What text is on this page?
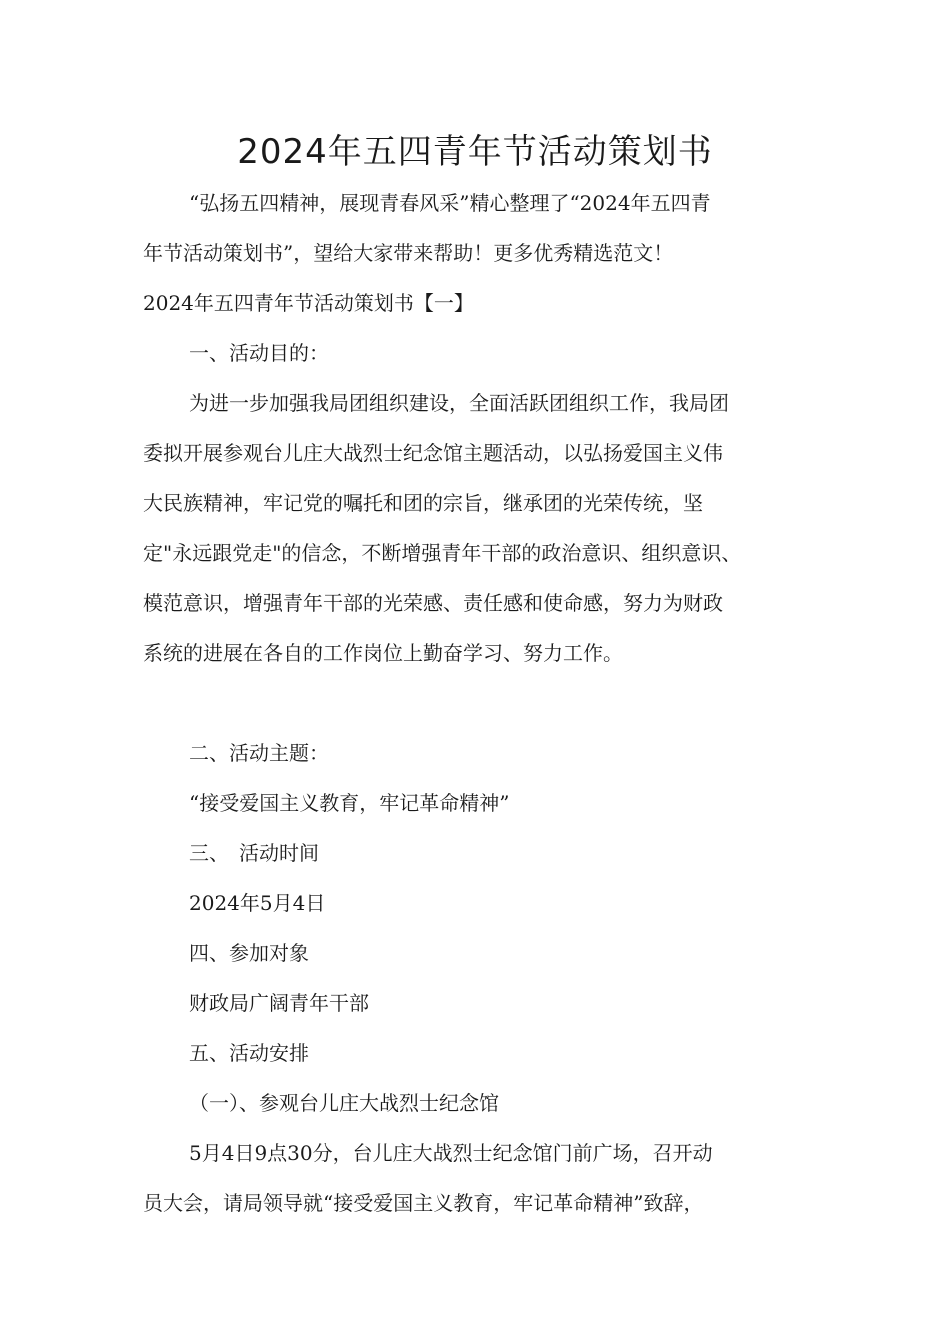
2024年五四青年节活动策划书

“弘扬五四精神，展现青春风采”精心整理了“2024年五四青

年节活动策划书”，望给大家带来帮助！更多优秀精选范文！

2024年五四青年节活动策划书【一】

一、活动目的：

为进一步加强我局团组织建设，全面活跃团组织工作，我局团

委拟开展参观台儿庄大战烈士纪念馆主题活动，以弘扬爱国主义伟

大民族精神，牢记党的嘱托和团的宗旨，继承团的光荣传统，坚

定"永远跟党走"的信念，不断增强青年干部的政治意识、组织意识、

模范意识，增强青年干部的光荣感、责任感和使命感，努力为财政

系统的进展在各自的工作岗位上勤奋学习、努力工作。

二、活动主题：

“接受爱国主义教育，牢记革命精神”

三、　活动时间

2024年5月4日

四、参加对象

财政局广阔青年干部

五、活动安排

（一）、参观台儿庄大战烈士纪念馆

5月4日9点30分，台儿庄大战烈士纪念馆门前广场，召开动

员大会，请局领导就“接受爱国主义教育，牢记革命精神”致辞，
